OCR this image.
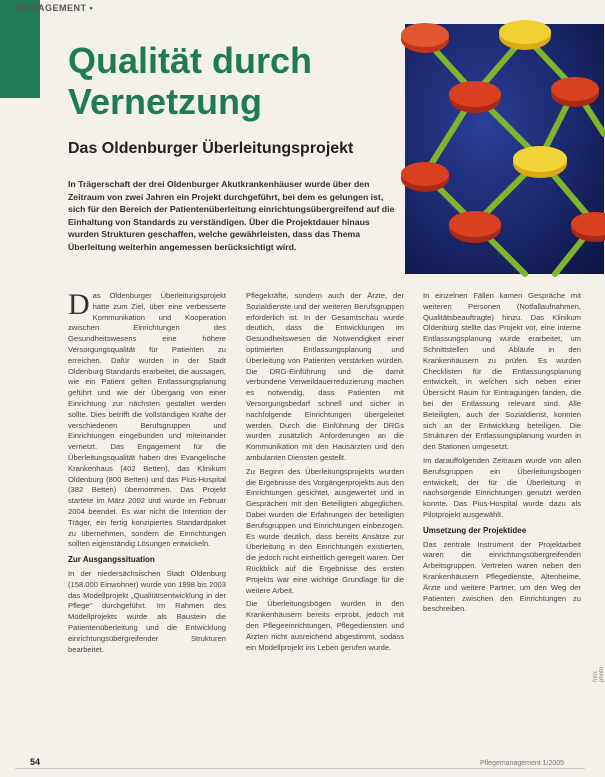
MANAGEMENT •
Qualität durch
Vernetzung
Das Oldenburger Überleitungsprojekt

In Trägerschaft der drei Oldenburger Akutkrankenhäuser wurde über den Zeitraum von zwei Jahren ein Projekt durchgeführt, bei dem es gelungen ist, sich für den Bereich der Patientenüberleitung einrichtungsübergreifend auf die Einhaltung von Standards zu verständigen. Über die Projektdauer hinaus wurden Strukturen geschaffen, welche gewährleisten, dass das Thema Überleitung weiterhin angemessen berücksichtigt wird.

Das Oldenburger Überleitungsprojekt hatte zum Ziel, über eine verbesserte Kommunikation und Kooperation zwischen Einrichtungen des Gesundheitswesens eine höhere Versorgungsqualität für Patienten zu erreichen. Dafür wurden in der Stadt Oldenburg Standards erarbeitet, die aussagen, wie ein Patient gelten Entlassungsplanung geführt und wie der Übergang von einer Einrichtung zur nächsten gestaltet werden sollte. Dies betrifft die vollständigen Kräfte der verschiedenen Berufsgruppen und Einrichtungen eingebunden und miteinander vernetzt. Das Engagement für die Überleitungsqualität haben drei Evangelische Krankenhaus (402 Betten), das Klinikum Oldenburg (800 Betten) und das Pius-Hospital (382 Betten) übernommen. Das Projekt startete im März 2002 und wurde im Februar 2004 beendet. Es war nicht die Intention der Träger, ein fertig konzipiertes Standardpaket zu übernehmen, sondern die Einrichtungen sollten eigenständig Lösungen entwickeln.

Zur Ausgangssituation

In der niedersächsischen Stadt Oldenburg (158.000 Einwohner) wurde von 1998 bis 2003 das Modellprojekt „Qualitätsentwicklung in der Pflege“ durchgeführt. Im Rahmen des Modellprojekts wurde als Baustein die Patientenüberleitung und die Entwicklung einrichtungsübergreifender Strukturen bearbeitet.

Pflegekräfte, sondern auch der Ärzte, der Sozialdienste und der weiteren Berufsgruppen erforderlich ist. In der Gesamtschau wurde deutlich, dass die Entwicklungen im Gesundheitswesen die Notwendigkeit einer optimierten Entlassungsplanung und Überleitung von Patienten verstärken würden. Die DRG-Einführung und die damit verbundene Verweildauerreduzierung machen es notwendig, dass Patienten mit Versorgungsbedarf schnell und sicher in nachfolgende Einrichtungen übergeleitet werden. Durch die Einführung der DRGs wurden zusätzlich Anforderungen an die Kommunikation mit den Hausärzten und den ambulanten Diensten gestellt.

Zu Beginn des Überleitungsprojekts wurden die Ergebnisse des Vorgängerprojekts aus den Einrichtungen gesichtet, ausgewertet und in Gesprächen mit den Beteiligten abgeglichen. Dabei wurden die Erfahrungen der beteiligten Berufsgruppen und Einrichtungen einbezogen. Es wurde deutlich, dass bereits Ansätze zur Überleitung in den Einrichtungen existierten, die jedoch nicht einheitlich geregelt waren. Der Rückblick auf die Ergebnisse des ersten Projekts war eine wichtige Grundlage für die weitere Arbeit.

Die Überleitungsbögen wurden in den Krankenhäusern bereits erprobt, jedoch mit den Pflegeeinrichtungen, Pflegediensten und Ärzten nicht ausreichend abgestimmt, sodass ein Modellprojekt ins Leben gerufen wurde.

In einzelnen Fällen kamen Gespräche mit weiteren Personen (Notfallaufnahmen, Qualitätsbeauftragte) hinzu. Das Klinikum Oldenburg stellte das Projekt vor, eine interne Entlassungsplanung wurde erarbeitet, um Schnittstellen und Abläufe in den Krankenhäusern zu prüfen. Es wurden Checklisten für die Entlassungsplanung entwickelt, in welchen sich neben einer Übersicht Raum für Eintragungen fanden, die bei der Entlassung relevant sind. Alle Beteiligten, auch der Sozialdienst, konnten sich an der Entwicklung beteiligen. Die Strukturen der Entlassungsplanung wurden in den Stationen umgesetzt.

Im darauffolgenden Zeitraum wurde von allen Berufsgruppen ein Überleitungsbogen entwickelt, der für die Überleitung in nachsorgende Einrichtungen genutzt werden konnte. Das Pius-Hospital wurde dazu als Pilotprojekt ausgewählt.

Umsetzung der Projektidee

Das zentrale Instrument der Projektarbeit waren die einrichtungsübergreifenden Arbeitsgruppen. Vertreten waren neben den Krankenhäusern Pflegedienste, Altenheime, Ärzte und weitere Partner, um den Weg der Patienten zwischen den Einrichtungen zu beschreiben.

foto: photo
54	Pflegemanagement 1/2005
